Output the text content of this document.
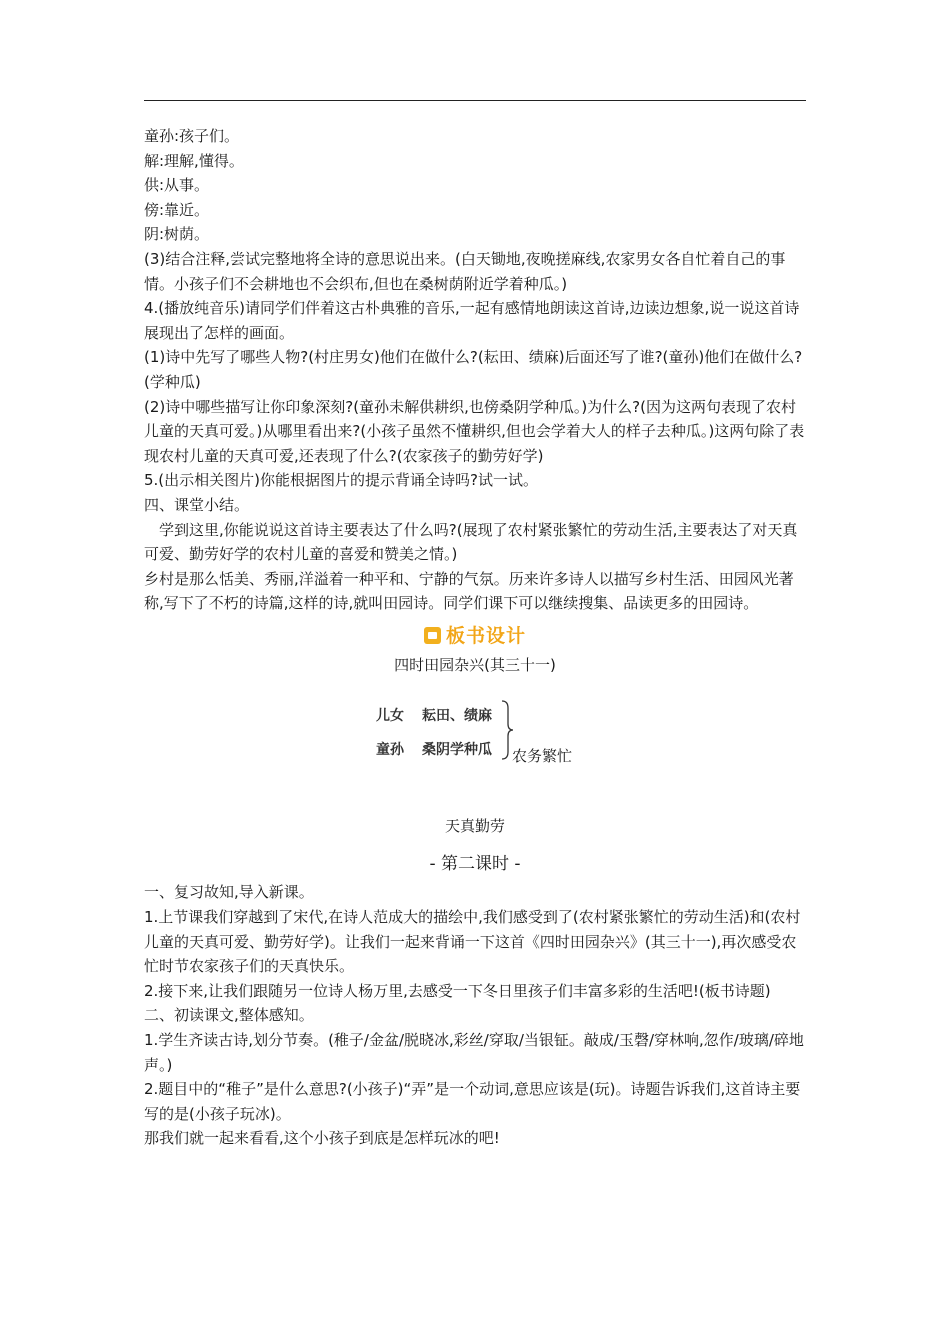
童孙:孩子们。

解:理解,懂得。

供:从事。

傍:靠近。

阴:树荫。

(3)结合注释,尝试完整地将全诗的意思说出来。(白天锄地,夜晚搓麻线,农家男女各自忙着自己的事情。小孩子们不会耕地也不会织布,但也在桑树荫附近学着种瓜。)

4.(播放纯音乐)请同学们伴着这古朴典雅的音乐,一起有感情地朗读这首诗,边读边想象,说一说这首诗展现出了怎样的画面。

(1)诗中先写了哪些人物?(村庄男女)他们在做什么?(耘田、绩麻)后面还写了谁?(童孙)他们在做什么?(学种瓜)

(2)诗中哪些描写让你印象深刻?(童孙未解供耕织,也傍桑阴学种瓜。)为什么?(因为这两句表现了农村儿童的天真可爱。)从哪里看出来?(小孩子虽然不懂耕织,但也会学着大人的样子去种瓜。)这两句除了表现农村儿童的天真可爱,还表现了什么?(农家孩子的勤劳好学)

5.(出示相关图片)你能根据图片的提示背诵全诗吗?试一试。

四、课堂小结。

学到这里,你能说说这首诗主要表达了什么吗?(展现了农村紧张繁忙的劳动生活,主要表达了对天真可爱、勤劳好学的农村儿童的喜爱和赞美之情。)

乡村是那么恬美、秀丽,洋溢着一种平和、宁静的气氛。历来许多诗人以描写乡村生活、田园风光著称,写下了不朽的诗篇,这样的诗,就叫田园诗。同学们课下可以继续搜集、品读更多的田园诗。

板书设计
四时田园杂兴(其三十一)
儿女 耘田、绩麻
童孙 桑阴学种瓜 农务繁忙
天真勤劳
- 第二课时 -

一、复习故知,导入新课。

1.上节课我们穿越到了宋代,在诗人范成大的描绘中,我们感受到了(农村紧张繁忙的劳动生活)和(农村儿童的天真可爱、勤劳好学)。让我们一起来背诵一下这首《四时田园杂兴》(其三十一),再次感受农忙时节农家孩子们的天真快乐。

2.接下来,让我们跟随另一位诗人杨万里,去感受一下冬日里孩子们丰富多彩的生活吧!(板书诗题)

二、初读课文,整体感知。

1.学生齐读古诗,划分节奏。(稚子/金盆/脱晓冰,彩丝/穿取/当银钲。敲成/玉磬/穿林响,忽作/玻璃/碎地声。)

2.题目中的“稚子”是什么意思?(小孩子)“弄”是一个动词,意思应该是(玩)。诗题告诉我们,这首诗主要写的是(小孩子玩冰)。

那我们就一起来看看,这个小孩子到底是怎样玩冰的吧!
